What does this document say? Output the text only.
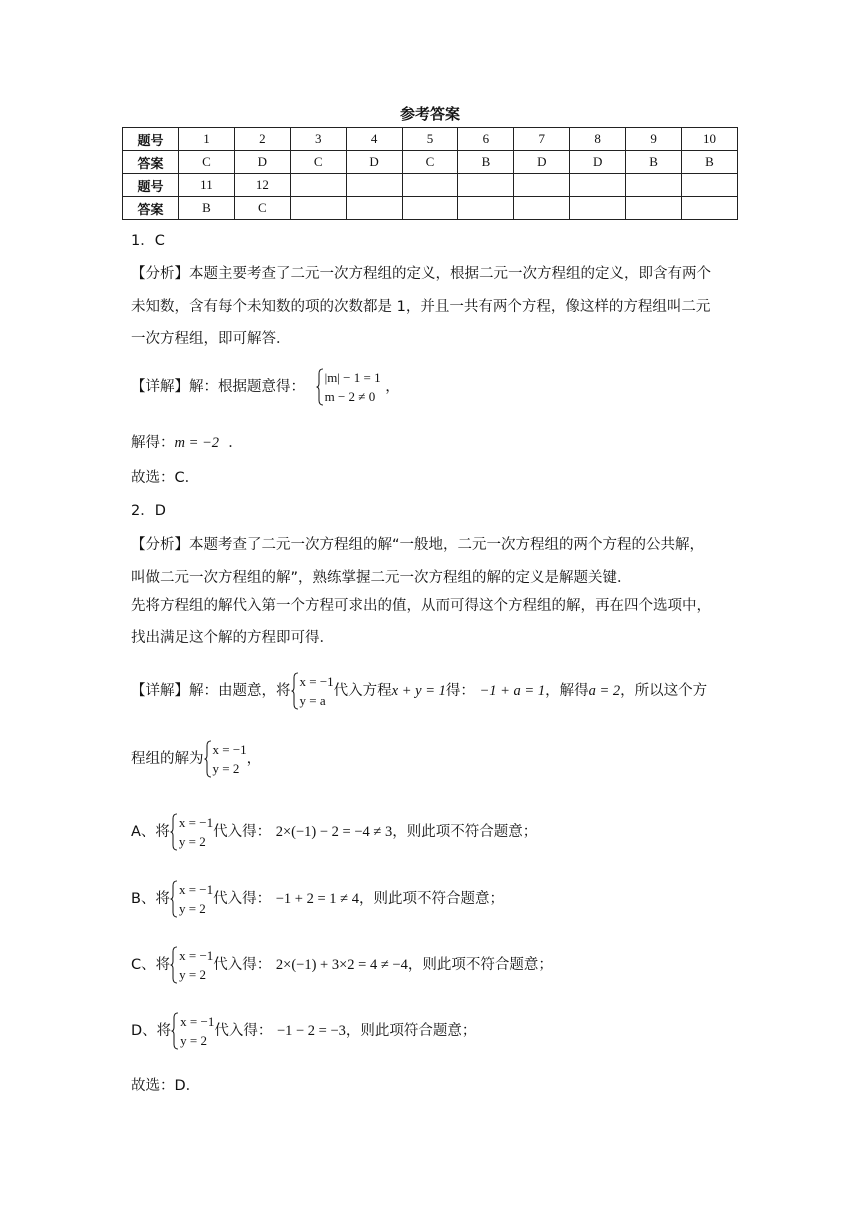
参考答案
题号	1	2	3	4	5	6	7	8	9	10
答案	C	D	C	D	C	B	D	D	B	B
题号	11	12								
答案	B	C								
1．C
【分析】本题主要考查了二元一次方程组的定义，根据二元一次方程组的定义，即含有两个
未知数，含有每个未知数的项的次数都是 1，并且一共有两个方程，像这样的方程组叫二元
一次方程组，即可解答．
【详解】解：根据题意得：
|m| − 1 = 1
m − 2 ≠ 0
，
解得：m = −2 ．
故选：C．
2．D
【分析】本题考查了二元一次方程组的解“一般地，二元一次方程组的两个方程的公共解，
叫做二元一次方程组的解”，熟练掌握二元一次方程组的解的定义是解题关键．
先将方程组的解代入第一个方程可求出的值，从而可得这个方程组的解，再在四个选项中，
找出满足这个解的方程即可得．
【详解】解：由题意，将
x = −1
y = a
代入方程x + y = 1得： −1 + a = 1，解得a = 2，所以这个方
程组的解为
x = −1
y = 2
，
A、将
x = −1
y = 2
代入得： 2×(−1) − 2 = −4 ≠ 3，则此项不符合题意；
B、将
x = −1
y = 2
代入得： −1 + 2 = 1 ≠ 4，则此项不符合题意；
C、将
x = −1
y = 2
代入得： 2×(−1) + 3×2 = 4 ≠ −4，则此项不符合题意；
D、将
x = −1
y = 2
代入得： −1 − 2 = −3，则此项符合题意；
故选：D．
